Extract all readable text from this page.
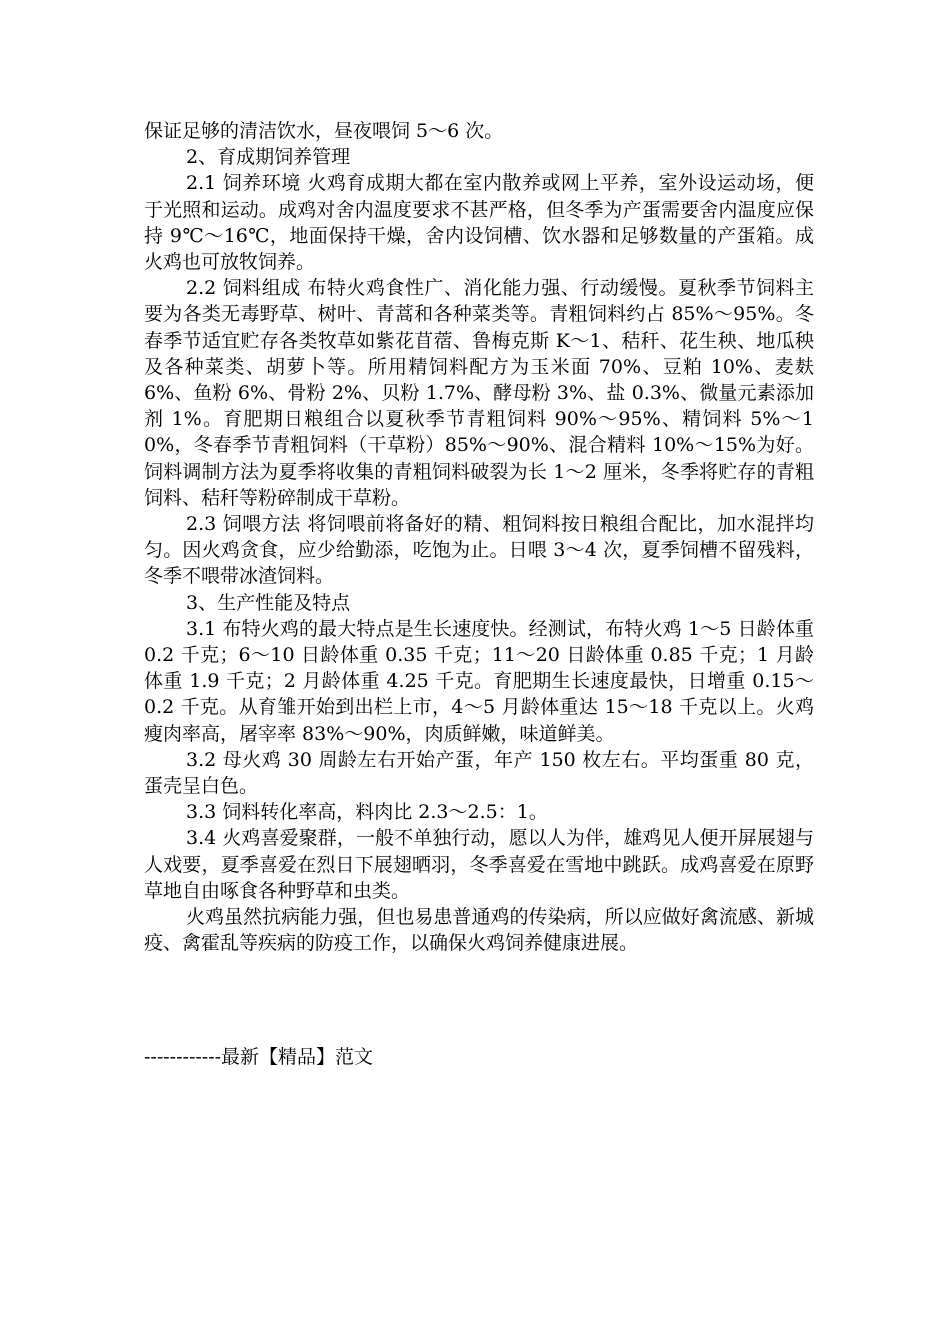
保证足够的清洁饮水，昼夜喂饲 5～6 次。

2、育成期饲养管理

2.1 饲养环境 火鸡育成期大都在室内散养或网上平养，室外设运动场，便于光照和运动。成鸡对舍内温度要求不甚严格，但冬季为产蛋需要舍内温度应保持 9℃～16℃，地面保持干燥，舍内设饲槽、饮水器和足够数量的产蛋箱。成火鸡也可放牧饲养。

2.2 饲料组成 布特火鸡食性广、消化能力强、行动缓慢。夏秋季节饲料主要为各类无毒野草、树叶、青蒿和各种菜类等。青粗饲料约占 85%～95%。冬春季节适宜贮存各类牧草如紫花苜蓿、鲁梅克斯 K～1、秸秆、花生秧、地瓜秧及各种菜类、胡萝卜等。所用精饲料配方为玉米面 70%、豆粕 10%、麦麸 6%、鱼粉 6%、骨粉 2%、贝粉 1.7%、酵母粉 3%、盐 0.3%、微量元素添加剂 1%。育肥期日粮组合以夏秋季节青粗饲料 90%～95%、精饲料 5%～10%，冬春季节青粗饲料（干草粉）85%～90%、混合精料 10%～15%为好。饲料调制方法为夏季将收集的青粗饲料破裂为长 1～2 厘米，冬季将贮存的青粗饲料、秸秆等粉碎制成干草粉。

2.3 饲喂方法 将饲喂前将备好的精、粗饲料按日粮组合配比，加水混拌均匀。因火鸡贪食，应少给勤添，吃饱为止。日喂 3～4 次，夏季饲槽不留残料，冬季不喂带冰渣饲料。

3、生产性能及特点

3.1 布特火鸡的最大特点是生长速度快。经测试，布特火鸡 1～5 日龄体重 0.2 千克；6～10 日龄体重 0.35 千克；11～20 日龄体重 0.85 千克；1 月龄体重 1.9 千克；2 月龄体重 4.25 千克。育肥期生长速度最快，日增重 0.15～0.2 千克。从育雏开始到出栏上市，4～5 月龄体重达 15～18 千克以上。火鸡瘦肉率高，屠宰率 83%～90%，肉质鲜嫩，味道鲜美。

3.2 母火鸡 30 周龄左右开始产蛋，年产 150 枚左右。平均蛋重 80 克，蛋壳呈白色。

3.3 饲料转化率高，料肉比 2.3～2.5：1。

3.4 火鸡喜爱聚群，一般不单独行动，愿以人为伴，雄鸡见人便开屏展翅与人戏要，夏季喜爱在烈日下展翅晒羽，冬季喜爱在雪地中跳跃。成鸡喜爱在原野草地自由啄食各种野草和虫类。

火鸡虽然抗病能力强，但也易患普通鸡的传染病，所以应做好禽流感、新城疫、禽霍乱等疾病的防疫工作，以确保火鸡饲养健康进展。

------------最新【精品】范文
